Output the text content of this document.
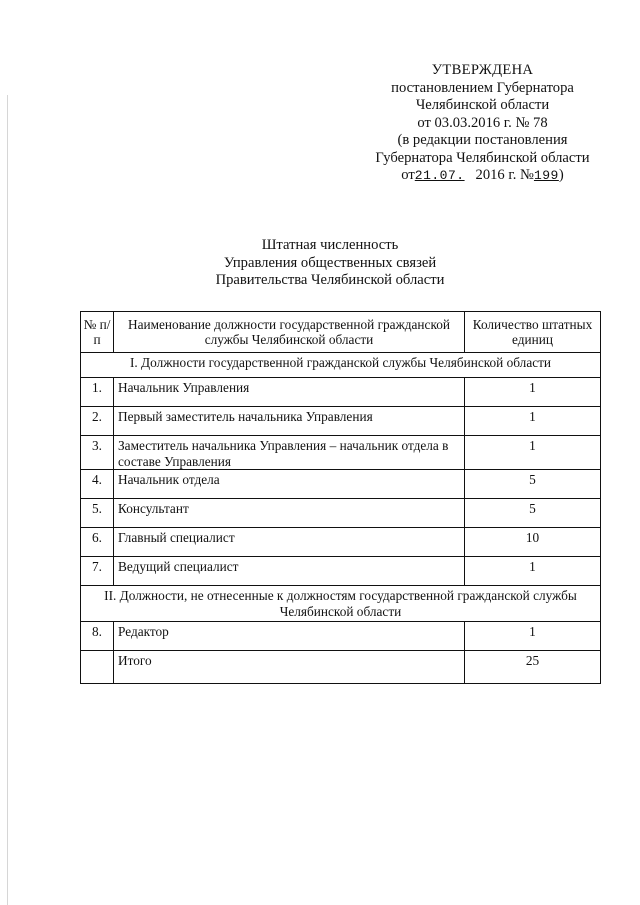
УТВЕРЖДЕНА
постановлением Губернатора
Челябинской области
от 03.03.2016 г. № 78
(в редакции постановления
Губернатора Челябинской области
от21.07. 2016 г. №199)
Штатная численность
Управления общественных связей
Правительства Челябинской области
№ п/п	Наименование должности государственной гражданской службы Челябинской области	Количество штатных единиц
I. Должности государственной гражданской службы Челябинской области		
1.	Начальник Управления	1
2.	Первый заместитель начальника Управления	1
3.	Заместитель начальника Управления – начальник отдела в составе Управления	1
4.	Начальник отдела	5
5.	Консультант	5
6.	Главный специалист	10
7.	Ведущий специалист	1
II. Должности, не отнесенные к должностям государственной гражданской службы Челябинской области		
8.	Редактор	1
	Итого	25
